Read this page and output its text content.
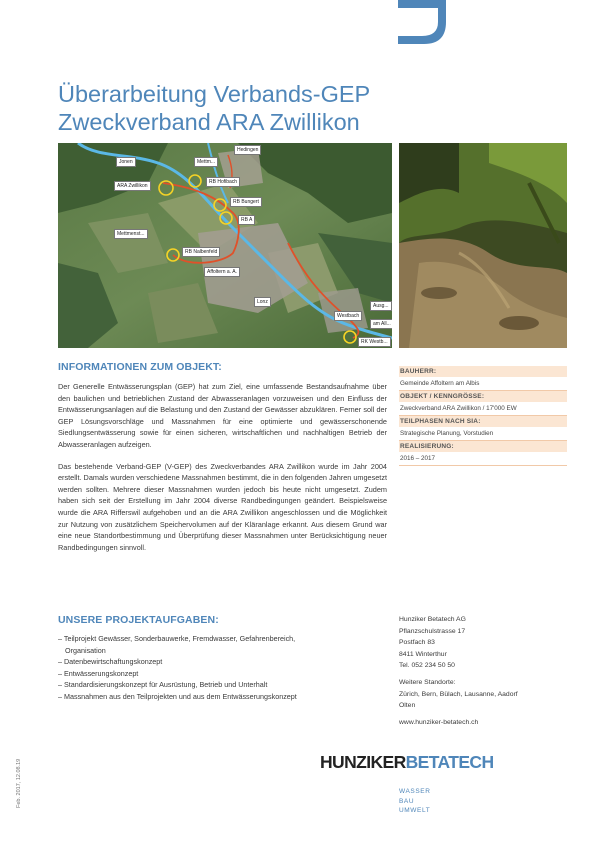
Überarbeitung Verbands-GEP
Zweckverband ARA Zwillikon
Hedingen
Jonen	Mettm...
ARA Zwillikon
RB Hofibach
RB Bungert
RB A
Mettmenst...
RB Nalbenfeld
Affoltern a. A.
Lonz
Westbach
Ausg...
am All...
RK Westb...
INFORMATIONEN ZUM OBJEKT:

Der Generelle Entwässerungsplan (GEP) hat zum Ziel, eine umfassende Bestandsaufnahme über den baulichen und betrieblichen Zustand der Abwasseranlagen vorzuweisen und den Einfluss der Entwässerungsanlagen auf die Belastung und den Zustand der Gewässer abzuklären. Ferner soll der GEP Lösungsvorschläge und Massnahmen für eine optimierte und gewässerschonende Siedlungsentwässerung sowie für einen sicheren, wirtschaftlichen und nachhaltigen Betrieb der Abwasseranlagen aufzeigen.

Das bestehende Verband-GEP (V-GEP) des Zweckverbandes ARA Zwillikon wurde im Jahr 2004 erstellt. Damals wurden verschiedene Massnahmen bestimmt, die in den folgenden Jahren umgesetzt werden sollten. Mehrere dieser Massnahmen wurden jedoch bis heute nicht umgesetzt. Zudem haben sich seit der Erstellung im Jahr 2004 diverse Randbedingungen geändert. Beispielsweise wurde die ARA Rifferswil aufgehoben und an die ARA Zwillikon angeschlossen und die Möglichkeit zur Nutzung von zusätzlichem Speichervolumen auf der Kläranlage erkannt. Aus diesem Grund war eine neue Standortbestimmung und Überprüfung dieser Massnahmen unter Berücksichtigung neuer Randbedingungen sinnvoll.

BAUHERR:
Gemeinde Affoltern am Albis
OBJEKT / KENNGRÖSSE:
Zweckverband ARA Zwillikon / 17'000 EW
TEILPHASEN NACH SIA:
Strategische Planung, Vorstudien
REALISIERUNG:
2016 – 2017
UNSERE PROJEKTAUFGABEN:
– Teilprojekt Gewässer, Sonderbauwerke, Fremdwasser, Gefahrenbereich,
Organisation
– Datenbewirtschaftungskonzept
– Entwässerungskonzept
– Standardisierungskonzept für Ausrüstung, Betrieb und Unterhalt
– Massnahmen aus den Teilprojekten und aus dem Entwässerungskonzept
Hunziker Betatech AG
Pflanzschulstrasse 17
Postfach 83
8411 Winterthur
Tel. 052 234 50 50
Weitere Standorte:
Zürich, Bern, Bülach, Lausanne, Aadorf
Olten
www.hunziker-betatech.ch
HUNZIKERBETATECH
WASSER
BAU
UMWELT
Feb. 2017, 12.08.19
